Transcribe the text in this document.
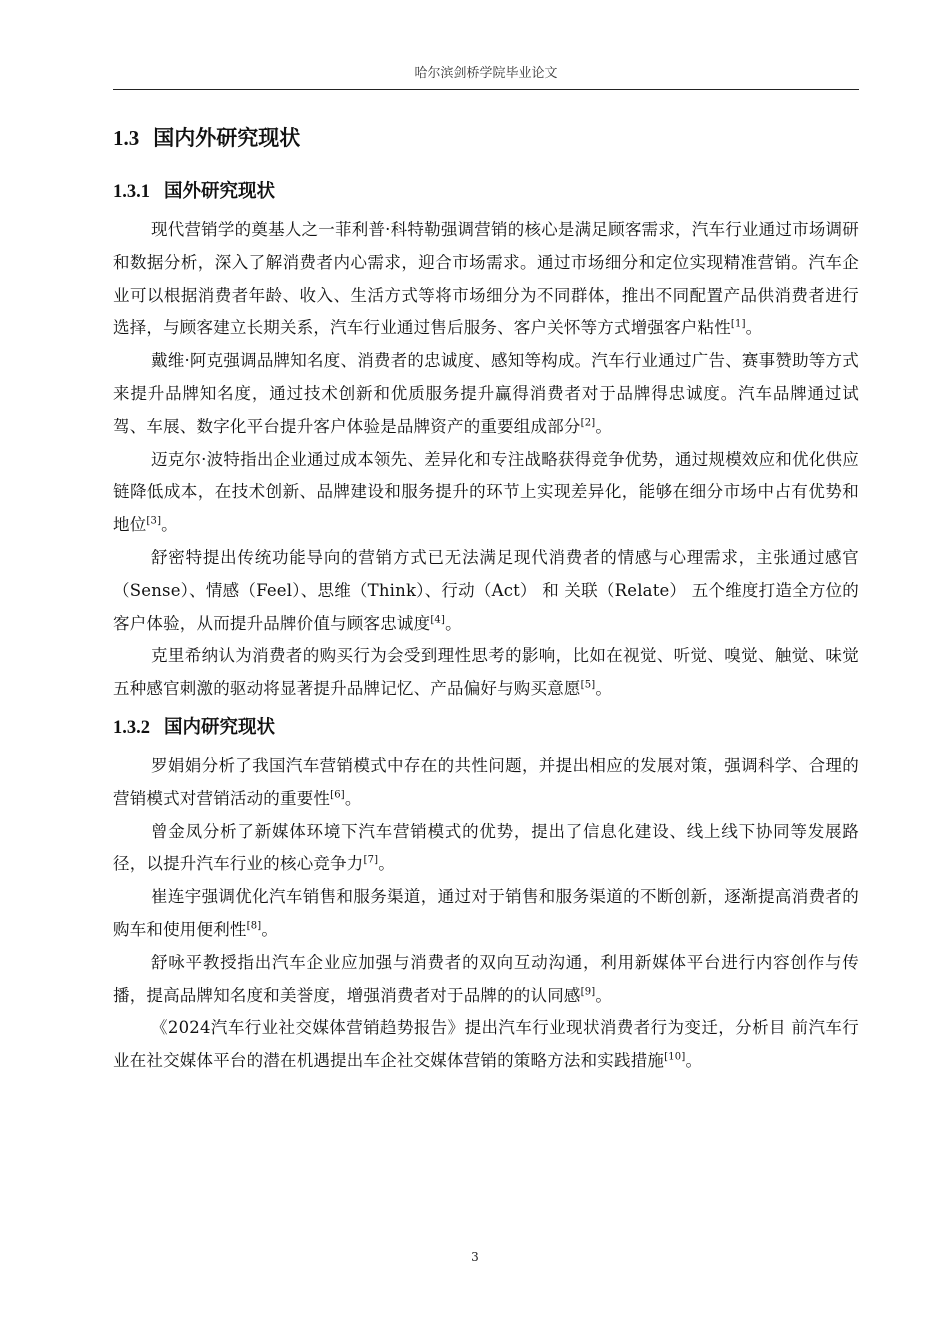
哈尔滨剑桥学院毕业论文
1.3 国内外研究现状
1.3.1 国外研究现状

现代营销学的奠基人之一菲利普·科特勒强调营销的核心是满足顾客需求，汽车行业通过市场调研和数据分析，深入了解消费者内心需求，迎合市场需求。通过市场细分和定位实现精准营销。汽车企业可以根据消费者年龄、收入、生活方式等将市场细分为不同群体，推出不同配置产品供消费者进行选择，与顾客建立长期关系，汽车行业通过售后服务、客户关怀等方式增强客户粘性[1]。

戴维·阿克强调品牌知名度、消费者的忠诚度、感知等构成。汽车行业通过广告、赛事赞助等方式来提升品牌知名度，通过技术创新和优质服务提升赢得消费者对于品牌得忠诚度。汽车品牌通过试驾、车展、数字化平台提升客户体验是品牌资产的重要组成部分[2]。

迈克尔·波特指出企业通过成本领先、差异化和专注战略获得竞争优势，通过规模效应和优化供应链降低成本，在技术创新、品牌建设和服务提升的环节上实现差异化，能够在细分市场中占有优势和地位[3]。

舒密特提出传统功能导向的营销方式已无法满足现代消费者的情感与心理需求，主张通过感官（Sense）、情感（Feel）、思维（Think）、行动（Act） 和 关联（Relate） 五个维度打造全方位的客户体验，从而提升品牌价值与顾客忠诚度[4]。

克里希纳认为消费者的购买行为会受到理性思考的影响，比如在视觉、听觉、嗅觉、触觉、味觉五种感官刺激的驱动将显著提升品牌记忆、产品偏好与购买意愿[5]。

1.3.2 国内研究现状

罗娟娟分析了我国汽车营销模式中存在的共性问题，并提出相应的发展对策，强调科学、合理的营销模式对营销活动的重要性[6]。

曾金凤分析了新媒体环境下汽车营销模式的优势，提出了信息化建设、线上线下协同等发展路径，以提升汽车行业的核心竞争力[7]。

崔连宇强调优化汽车销售和服务渠道，通过对于销售和服务渠道的不断创新，逐渐提高消费者的购车和使用便利性[8]。

舒咏平教授指出汽车企业应加强与消费者的双向互动沟通，利用新媒体平台进行内容创作与传播，提高品牌知名度和美誉度，增强消费者对于品牌的的认同感[9]。

《2024汽车行业社交媒体营销趋势报告》提出汽车行业现状消费者行为变迁，分析目 前汽车行业在社交媒体平台的潜在机遇提出车企社交媒体营销的策略方法和实践措施[10]。

3
